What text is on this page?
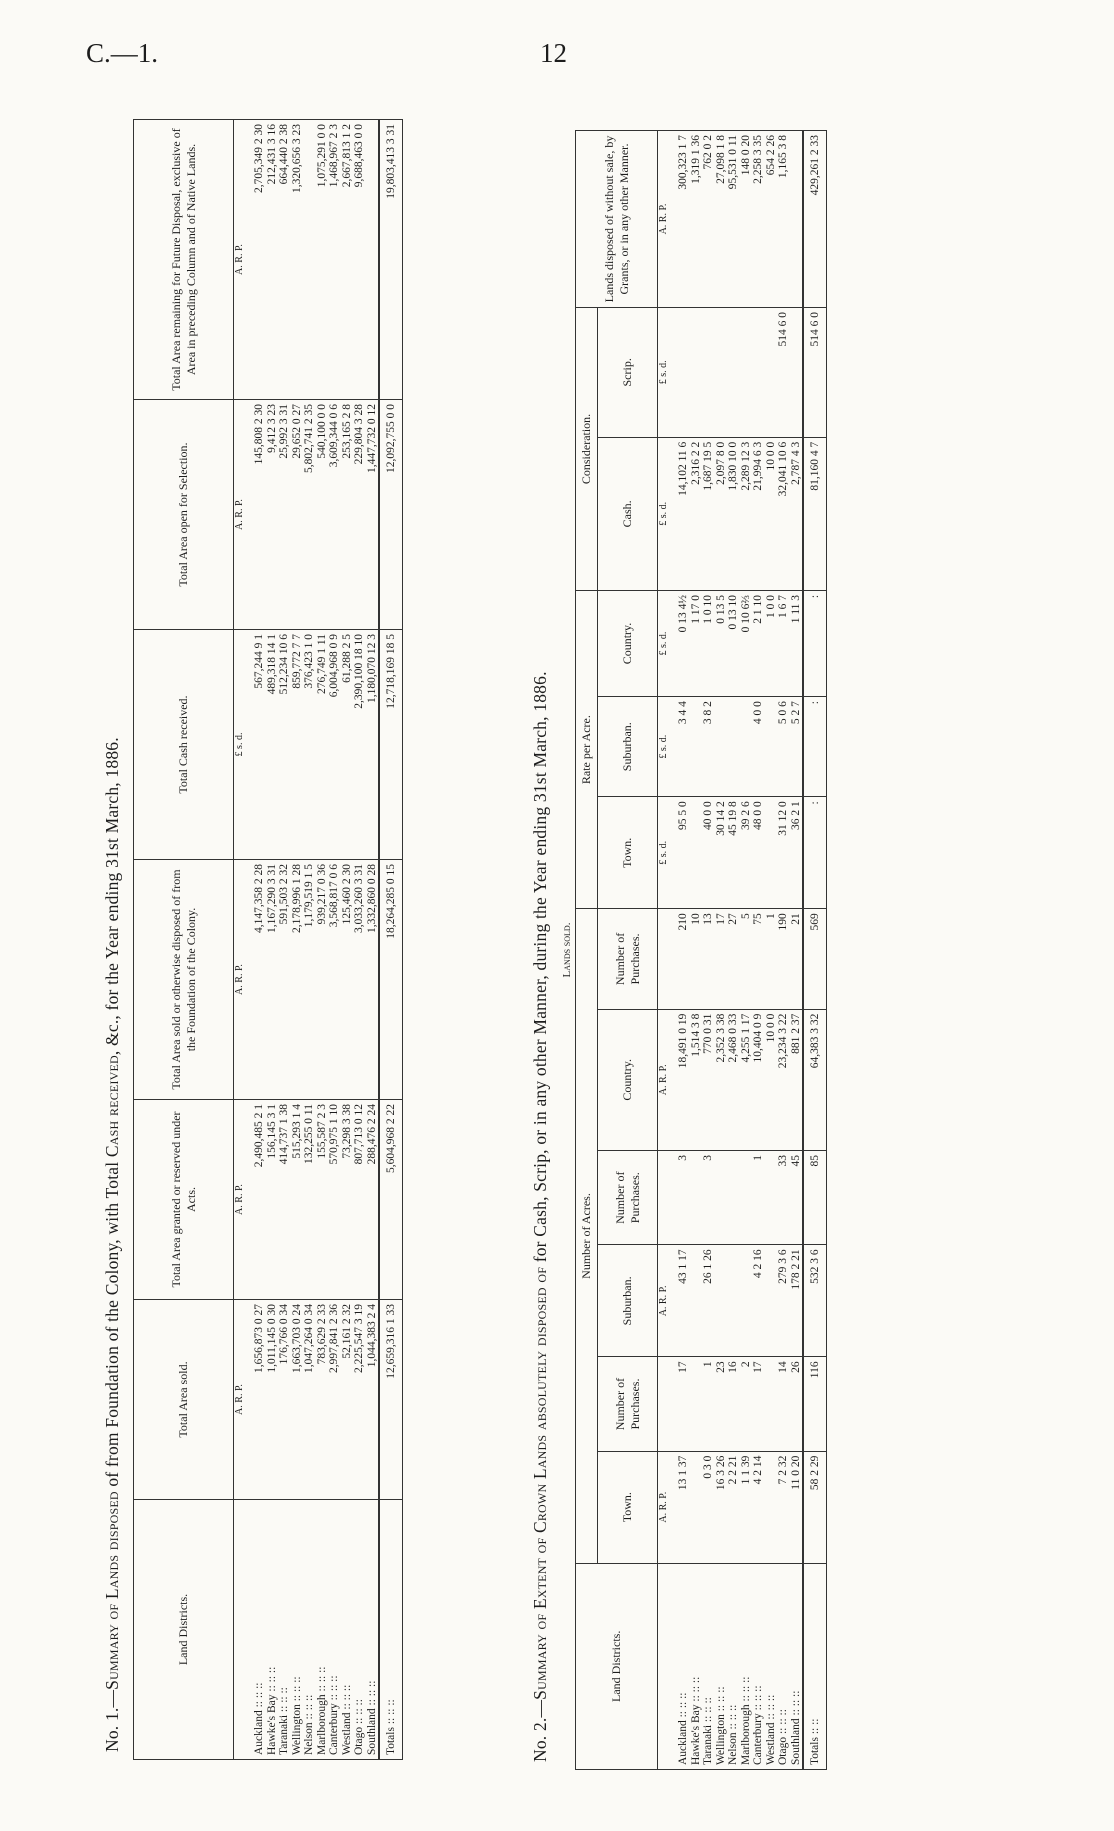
C.—1.	12
No. 1.—Summary of Lands disposed of from Foundation of the Colony, with Total Cash received, &c., for the Year ending 31st March, 1886.
Land Districts.	Total Area sold.	Total Area granted or reserved under Acts.	Total Area sold or otherwise disposed of from the Foundation of the Colony.	Total Cash received.	Total Area open for Selection.	Total Area remaining for Future Disposal, exclusive of Area in preceding Column and of Native Lands.
	A. R. P.	A. R. P.	A. R. P.	£ s. d.	A. R. P.	A. R. P.
Auckland :: :: ::	1,656,873 0 27	2,490,485 2 1	4,147,358 2 28	567,244 9 1	145,808 2 30	2,705,349 2 30
Hawke's Bay :: :: ::	1,011,145 0 30	156,145 3 1	1,167,290 3 31	489,318 14 1	9,412 3 23	212,431 3 16
Taranaki :: :: ::	176,766 0 34	414,737 1 38	591,503 2 32	512,234 10 6	25,992 3 31	664,440 2 38
Wellington :: :: ::	1,663,703 0 24	515,293 1 4	2,178,996 1 28	859,772 7 7	29,652 0 27	1,320,656 3 23
Nelson :: :: ::	1,047,264 0 34	132,255 0 11	1,179,519 1 5	376,423 1 0	5,802,741 2 35	
Marlborough :: :: ::	783,629 2 33	155,587 2 3	939,217 0 36	276,749 1 11	540,100 0 0	1,075,291 0 0
Canterbury :: :: ::	2,997,841 2 36	570,975 1 10	3,568,817 0 6	6,004,968 0 9	3,609,344 0 6	1,468,967 2 3
Westland :: :: ::	52,161 2 32	73,298 3 38	125,460 2 30	61,288 2 5	253,165 2 8	2,667,813 1 2
Otago :: :: ::	2,225,547 3 19	807,713 0 12	3,033,260 3 31	2,390,100 18 10	229,804 3 28	9,688,463 0 0
Southland :: :: ::	1,044,383 2 4	288,476 2 24	1,332,860 0 28	1,180,070 12 3	1,447,732 0 12	
Totals :: :: ::	12,659,316 1 33	5,604,968 2 22	18,264,285 0 15	12,718,169 18 5	12,092,755 0 0	19,803,413 3 31
No. 2.—Summary of Extent of Crown Lands absolutely disposed of for Cash, Scrip, or in any other Manner, during the Year ending 31st March, 1886. Lands sold.
Land Districts.	Number of Acres.						Rate per Acre.			Consideration.		Lands disposed of without sale, by Grants, or in any other Manner.
	Town.	Number of Purchases.	Suburban.	Number of Purchases.	Country.	Number of Purchases.	Town.	Suburban.	Country.	Cash.	Scrip.	
	A. R. P.		A. R. P.		A. R. P.		£ s. d.	£ s. d.	£ s. d.	£ s. d.	£ s. d.	A. R. P.
Auckland :: :: ::	13 1 37	17	43 1 17	3	18,491 0 19	210	95 5 0	3 4 4	0 13 4½	14,102 11 6		300,323 1 7
Hawke's Bay :: :: ::					1,514 3 8	10			1 17 0	2,316 2 2		1,319 1 36
Taranaki :: :: ::	0 3 0	1	26 1 26	3	770 0 31	13	40 0 0	3 8 2	1 0 10	1,687 19 5		762 0 2
Wellington :: :: ::	16 3 26	23			2,352 3 38	17	30 14 2		0 13 5	2,097 8 0		27,098 1 8
Nelson :: :: ::	2 2 21	16			2,468 0 33	27	45 19 8		0 13 10	1,830 10 0		95,531 0 11
Marlborough :: :: ::	1 1 39	2			4,255 1 17	5	39 2 6		0 10 6⅔	2,289 12 3		148 0 20
Canterbury :: :: ::	4 2 14	17	4 2 16	1	10,404 0 9	75	48 0 0	4 0 0	2 1 10	21,994 6 3		2,258 3 35
Westland :: :: ::					10 0 0	1			1 0 0	10 0 0		654 2 26
Otago :: :: ::	7 2 32	14	279 3 6	33	23,234 3 22	190	31 12 0	5 0 6	1 6 7	32,041 10 6	514 6 0	1,165 3 8
Southland :: :: ::	11 0 20	26	178 2 21	45	881 2 37	21	36 2 1	5 2 7	1 11 3	2,787 4 3		
Totals :: ::	58 2 29	116	532 3 6	85	64,383 3 32	569	:	:	:	81,160 4 7	514 6 0	429,261 2 33
